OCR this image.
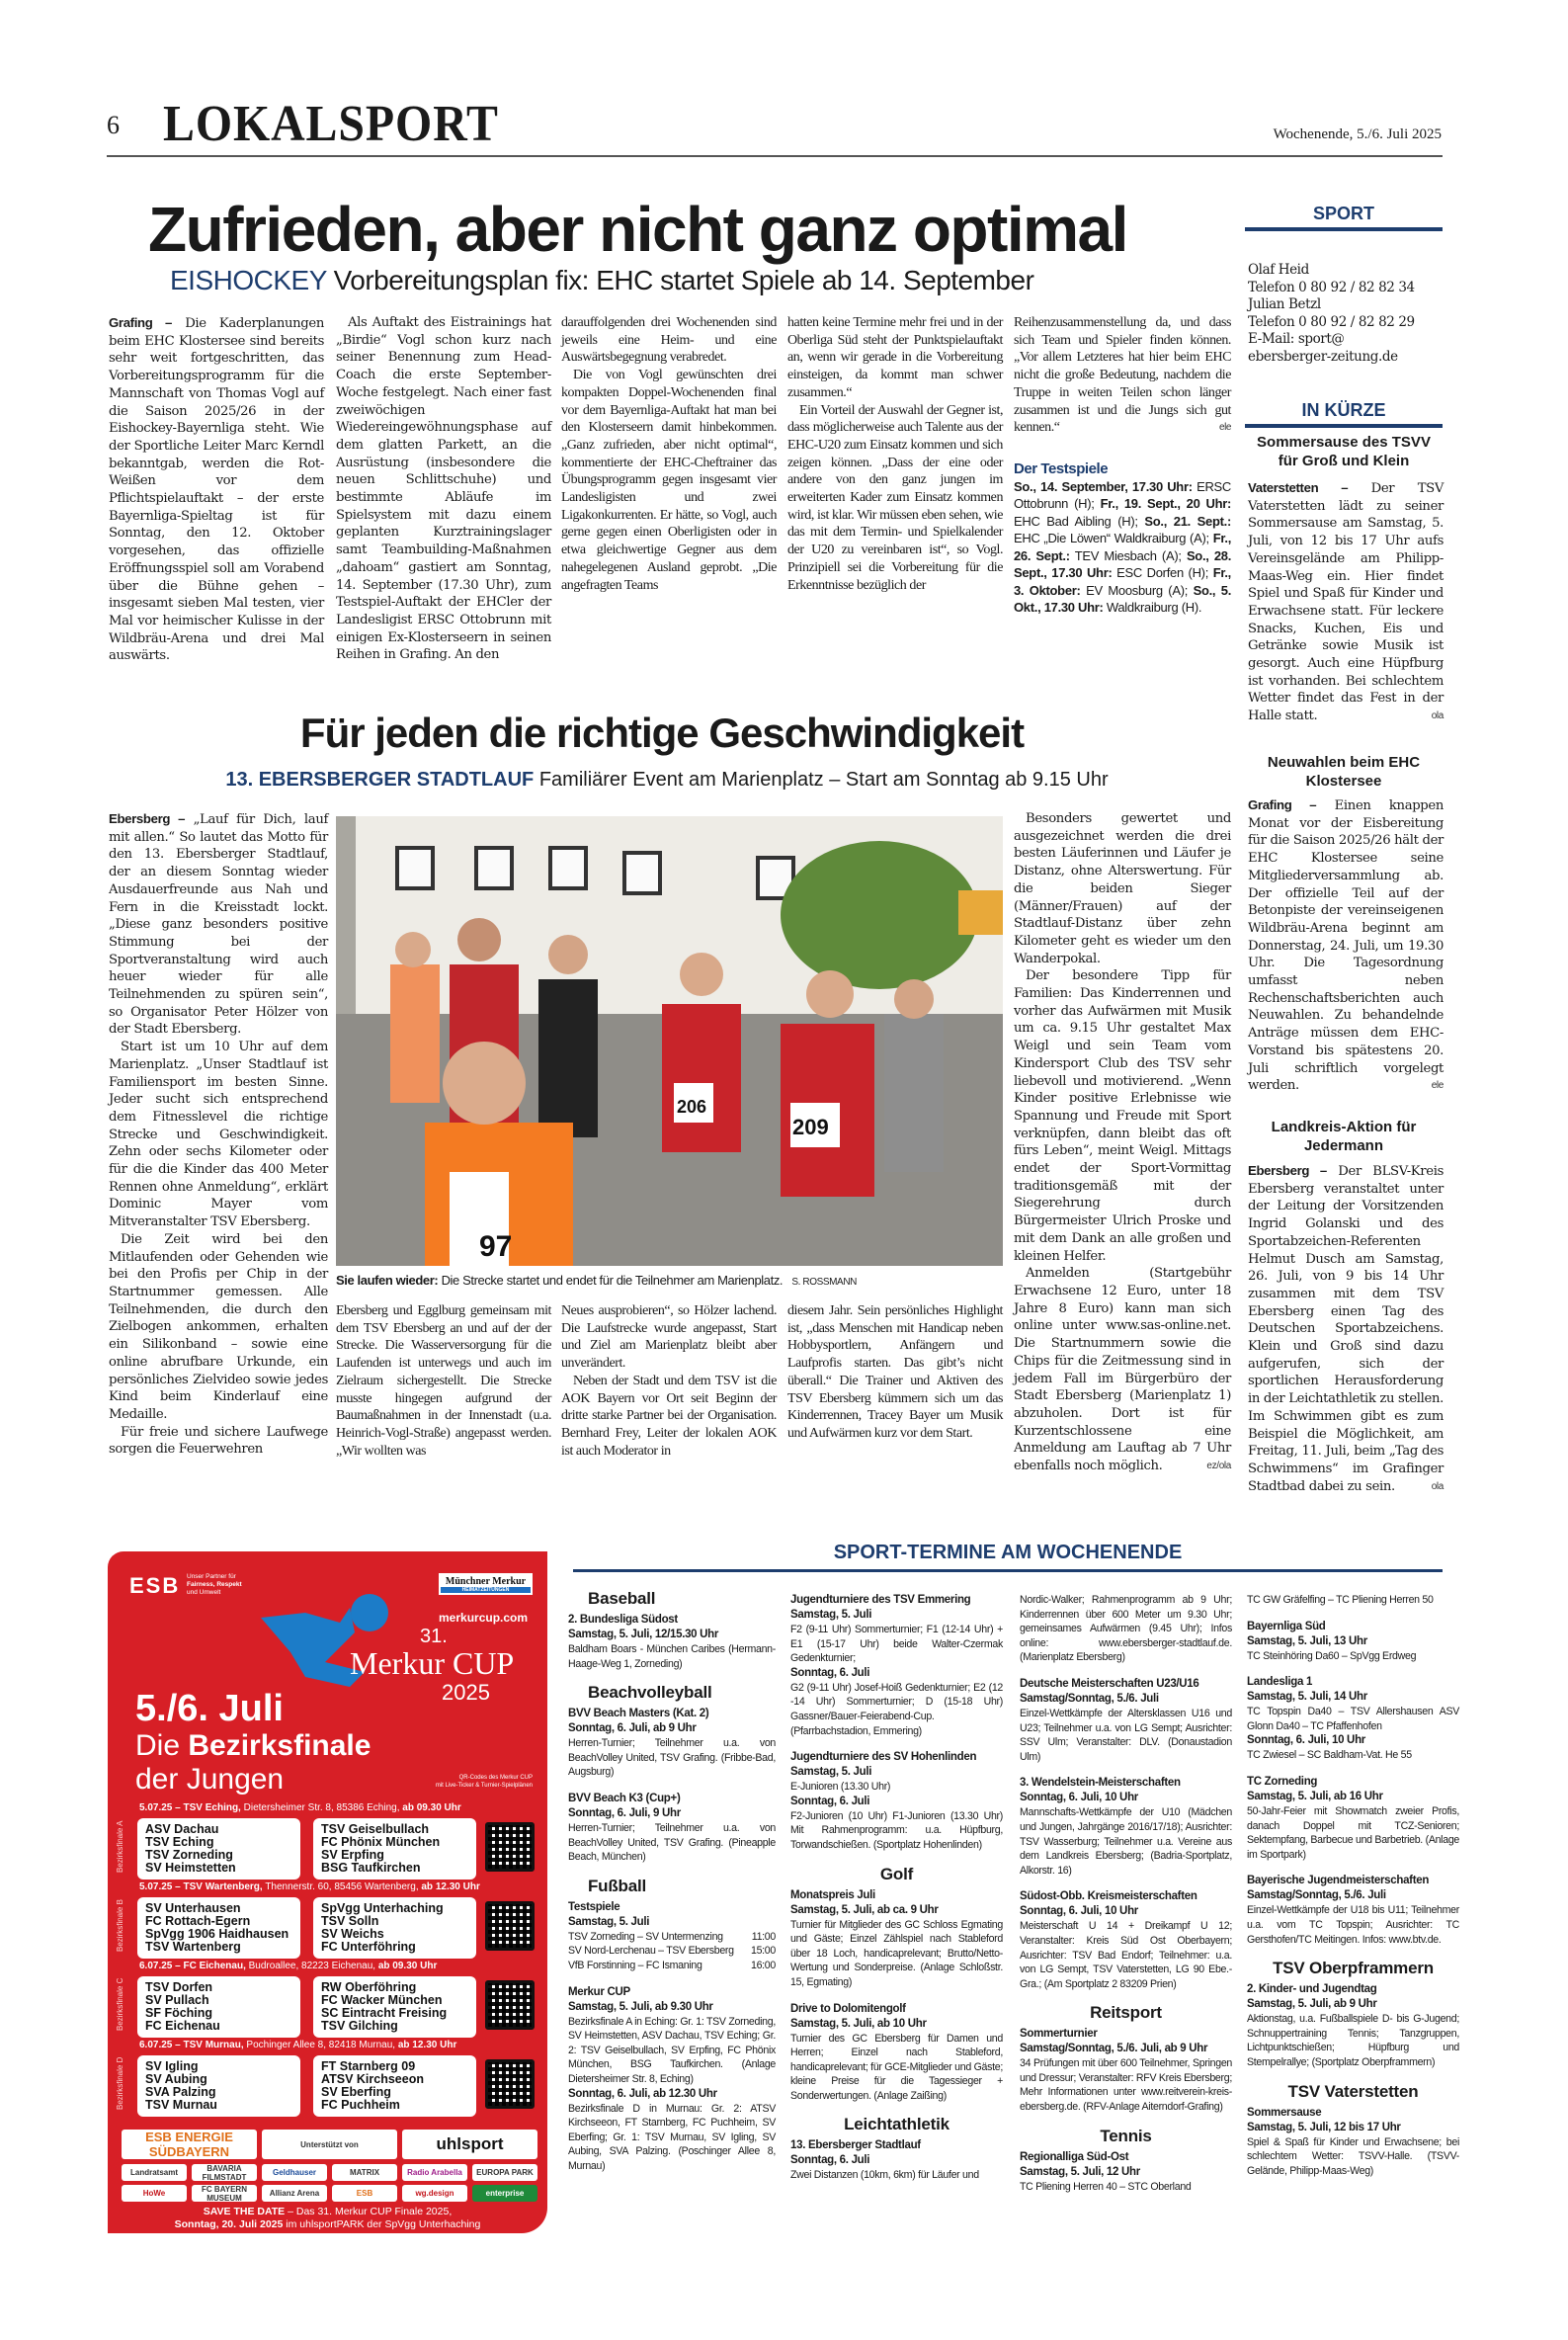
6 LOKALSPORT	Wochenende, 5./6. Juli 2025
Zufrieden, aber nicht ganz optimal
EISHOCKEY Vorbereitungsplan fix: EHC startet Spiele ab 14. September

Grafing – Die Kaderplanungen beim EHC Klostersee sind bereits sehr weit fortgeschritten, das Vorbereitungsprogramm für die Mannschaft von Thomas Vogl auf die Saison 2025/26 in der Eishockey-Bayernliga steht. Wie der Sportliche Leiter Marc Kerndl bekanntgab, werden die Rot-Weißen vor dem Pflichtspielauftakt – der erste Bayernliga-Spieltag ist für Sonntag, den 12. Oktober vorgesehen, das offizielle Eröffnungsspiel soll am Vorabend über die Bühne gehen – insgesamt sieben Mal testen, vier Mal vor heimischer Kulisse in der Wildbräu-Arena und drei Mal auswärts.

Als Auftakt des Eistrainings hat „Birdie“ Vogl schon kurz nach seiner Benennung zum Head-Coach die erste September-Woche festgelegt. Nach einer fast zweiwöchigen Wiedereingewöhnungsphase auf dem glatten Parkett, an die Ausrüstung (insbesondere die neuen Schlittschuhe) und bestimmte Abläufe im Spielsystem mit dazu einem geplanten Kurztrainingslager samt Teambuilding-Maßnahmen „dahoam“ gastiert am Sonntag, 14. September (17.30 Uhr), zum Testspiel-Auftakt der EHCler der Landesligist ERSC Ottobrunn mit einigen Ex-Klosterseern in seinen Reihen in Grafing. An den

darauffolgenden drei Wochenenden sind jeweils eine Heim- und eine Auswärtsbegegnung verabredet.

Die von Vogl gewünschten drei kompakten Doppel-Wochenenden final vor dem Bayernliga-Auftakt hat man bei den Klosterseern damit hinbekommen. „Ganz zufrieden, aber nicht optimal“, kommentierte der EHC-Cheftrainer das Übungsprogramm gegen insgesamt vier Landesligisten und zwei Ligakonkurrenten. Er hätte, so Vogl, auch gerne gegen einen Oberligisten oder in etwa gleichwertige Gegner aus dem nahegelegenen Ausland geprobt. „Die angefragten Teams

hatten keine Termine mehr frei und in der Oberliga Süd steht der Punktspielauftakt an, wenn wir gerade in die Vorbereitung einsteigen, da kommt man schwer zusammen.“

Ein Vorteil der Auswahl der Gegner ist, dass möglicherweise auch Talente aus der EHC-U20 zum Einsatz kommen und sich zeigen können. „Dass der eine oder andere von den ganz jungen im erweiterten Kader zum Einsatz kommen wird, ist klar. Wir müssen eben sehen, wie das mit dem Termin- und Spielkalender der U20 zu vereinbaren ist“, so Vogl. Prinzipiell sei die Vorbereitung für die Erkenntnisse bezüglich der

Reihenzusammenstellung da, und dass sich Team und Spieler finden können. „Vor allem Letzteres hat hier beim EHC nicht die große Bedeutung, nachdem die Truppe in weiten Teilen schon länger zusammen ist und die Jungs sich gut kennen.“	ele

Der Testspiele
So., 14. September, 17.30 Uhr: ERSC Ottobrunn (H); Fr., 19. Sept., 20 Uhr: EHC Bad Aibling (H); So., 21. Sept.: EHC „Die Löwen“ Waldkraiburg (A); Fr., 26. Sept.: TEV Miesbach (A); So., 28. Sept., 17.30 Uhr: ESC Dorfen (H); Fr., 3. Oktober: EV Moosburg (A); So., 5. Okt., 17.30 Uhr: Waldkraiburg (H).
SPORT
Olaf Heid
Telefon 0 80 92 / 82 82 34
Julian Betzl
Telefon 0 80 92 / 82 82 29
E-Mail: sport@
ebersberger-zeitung.de
IN KÜRZE
Sommersause des TSVV für Groß und Klein

Vaterstetten – Der TSV Vaterstetten lädt zu seiner Sommersause am Samstag, 5. Juli, von 12 bis 17 Uhr aufs Vereinsgelände am Philipp-Maas-Weg ein. Hier findet Spiel und Spaß für Kinder und Erwachsene statt. Für leckere Snacks, Kuchen, Eis und Getränke sowie Musik ist gesorgt. Auch eine Hüpfburg ist vorhanden. Bei schlechtem Wetter findet das Fest in der Halle statt.	ola

Neuwahlen beim EHC Klostersee

Grafing – Einen knappen Monat vor der Eisbereitung für die Saison 2025/26 hält der EHC Klostersee seine Mitgliederversammlung ab. Der offizielle Teil auf der Betonpiste der vereinseigenen Wildbräu-Arena beginnt am Donnerstag, 24. Juli, um 19.30 Uhr. Die Tagesordnung umfasst neben Rechenschaftsberichten auch Neuwahlen. Zu behandelnde Anträge müssen dem EHC-Vorstand bis spätestens 20. Juli schriftlich vorgelegt werden.	ele

Landkreis-Aktion für Jedermann

Ebersberg – Der BLSV-Kreis Ebersberg veranstaltet unter der Leitung der Vorsitzenden Ingrid Golanski und des Sportabzeichen-Referenten Helmut Dusch am Samstag, 26. Juli, von 9 bis 14 Uhr zusammen mit dem TSV Ebersberg einen Tag des Deutschen Sportabzeichens. Klein und Groß sind dazu aufgerufen, sich der sportlichen Herausforderung in der Leichtathletik zu stellen. Im Schwimmen gibt es zum Beispiel die Möglichkeit, am Freitag, 11. Juli, beim „Tag des Schwimmens“ im Grafinger Stadtbad dabei zu sein.	ola

Für jeden die richtige Geschwindigkeit
13. EBERSBERGER STADTLAUF Familiärer Event am Marienplatz – Start am Sonntag ab 9.15 Uhr

Ebersberg – „Lauf für Dich, lauf mit allen.“ So lautet das Motto für den 13. Ebersberger Stadtlauf, der an diesem Sonntag wieder Ausdauerfreunde aus Nah und Fern in die Kreisstadt lockt. „Diese ganz besonders positive Stimmung bei der Sportveranstaltung wird auch heuer wieder für alle Teilnehmenden zu spüren sein“, so Organisator Peter Hölzer von der Stadt Ebersberg.

Start ist um 10 Uhr auf dem Marienplatz. „Unser Stadtlauf ist Familiensport im besten Sinne. Jeder sucht sich entsprechend dem Fitnesslevel die richtige Strecke und Geschwindigkeit. Zehn oder sechs Kilometer oder für die die Kinder das 400 Meter Rennen ohne Anmeldung“, erklärt Dominic Mayer vom Mitveranstalter TSV Ebersberg.

Die Zeit wird bei den Mitlaufenden oder Gehenden wie bei den Profis per Chip in der Startnummer gemessen. Alle Teilnehmenden, die durch den Zielbogen ankommen, erhalten ein Silikonband – sowie eine online abrufbare Urkunde, ein persönliches Zielvideo sowie jedes Kind beim Kinderlauf eine Medaille.

Für freie und sichere Laufwege sorgen die Feuerwehren

97
206
209
Sie laufen wieder: Die Strecke startet und endet für die Teilnehmer am Marienplatz. S. ROSSMANN

Ebersberg und Egglburg gemeinsam mit dem TSV Ebersberg an und auf der der Strecke. Die Wasserversorgung für die Laufenden ist unterwegs und auch im Zielraum sichergestellt. Die Strecke musste hingegen aufgrund der Baumaßnahmen in der Innenstadt (u.a. Heinrich-Vogl-Straße) angepasst werden. „Wir wollten was

Neues ausprobieren“, so Hölzer lachend. Die Laufstrecke wurde angepasst, Start und Ziel am Marienplatz bleibt aber unverändert.

Neben der Stadt und dem TSV ist die AOK Bayern vor Ort seit Beginn der dritte starke Partner bei der Organisation. Bernhard Frey, Leiter der lokalen AOK ist auch Moderator in

diesem Jahr. Sein persönliches Highlight ist, „dass Menschen mit Handicap neben Hobbysportlern, Anfängern und Laufprofis starten. Das gibt’s nicht überall.“ Die Trainer und Aktiven des TSV Ebersberg kümmern sich um das Kinderrennen, Tracey Bayer um Musik und Aufwärmen kurz vor dem Start.

Besonders gewertet und ausgezeichnet werden die drei besten Läuferinnen und Läufer je Distanz, ohne Alterswertung. Für die beiden Sieger (Männer/Frauen) auf der Stadtlauf-Distanz über zehn Kilometer geht es wieder um den Wanderpokal.

Der besondere Tipp für Familien: Das Kinderrennen und vorher das Aufwärmen mit Musik um ca. 9.15 Uhr gestaltet Max Weigl und sein Team vom Kindersport Club des TSV sehr liebevoll und motivierend. „Wenn Kinder positive Erlebnisse wie Spannung und Freude mit Sport verknüpfen, dann bleibt das oft fürs Leben“, meint Weigl. Mittags endet der Sport-Vormittag traditionsgemäß mit der Siegerehrung durch Bürgermeister Ulrich Proske und mit dem Dank an alle großen und kleinen Helfer.

Anmelden (Startgebühr Erwachsene 12 Euro, unter 18 Jahre 8 Euro) kann man sich online unter www.sas-online.net. Die Startnummern sowie die Chips für die Zeitmessung sind in jedem Fall im Bürgerbüro der Stadt Ebersberg (Marienplatz 1) abzuholen. Dort ist für Kurzentschlossene eine Anmeldung am Lauftag ab 7 Uhr ebenfalls noch möglich.	ez/ola

ESB Unser Partner für
Fairness, Respekt
und Umwelt
Münchner Merkur
HEIMATZEITUNGEN
merkurcup.com
31.
Merkur CUP
2025
5./6. Juli
Die Bezirksfinale
der Jungen	QR-Codes des Merkur CUP
mit Live-Ticker & Turnier-Spielplänen
5.07.25 – TSV Eching, Dietersheimer Str. 8, 85386 Eching, ab 09.30 Uhr
Bezirksfinale A ASV Dachau
TSV Eching
TSV Zorneding
SV Heimstetten
TSV Geiselbullach
FC Phönix München
SV Erpfing
BSG Taufkirchen
5.07.25 – TSV Wartenberg, Thennerstr. 60, 85456 Wartenberg, ab 12.30 Uhr
Bezirksfinale B SV Unterhausen
FC Rottach-Egern
SpVgg 1906 Haidhausen
TSV Wartenberg
SpVgg Unterhaching
TSV Solln
SV Weichs
FC Unterföhring
6.07.25 – FC Eichenau, Budroallee, 82223 Eichenau, ab 09.30 Uhr
Bezirksfinale C TSV Dorfen
SV Pullach
SF Föching
FC Eichenau
RW Oberföhring
FC Wacker München
SC Eintracht Freising
TSV Gilching
6.07.25 – TSV Murnau, Pochinger Allee 8, 82418 Murnau, ab 12.30 Uhr
Bezirksfinale D SV Igling
SV Aubing
SVA Palzing
TSV Murnau
FT Starnberg 09
ATSV Kirchseeon
SV Eberfing
FC Puchheim
ESB ENERGIE SÜDBAYERN	Unterstützt von	uhlsport
Landratsamt	BAVARIA FILMSTADT	Geldhauser	MATRIX	Radio Arabella	EUROPA PARK
HoWe	FC BAYERN MUSEUM	Allianz Arena	ESB	wg.design	enterprise
SAVE THE DATE – Das 31. Merkur CUP Finale 2025,
Sonntag, 20. Juli 2025 im uhlsportPARK der SpVgg Unterhaching
SPORT-TERMINE AM WOCHENENDE
Baseball
2. Bundesliga Südost
Samstag, 5. Juli, 12/15.30 Uhr
Baldham Boars - München Caribes (Hermann-Haage-Weg 1, Zorneding)
Beachvolleyball
BVV Beach Masters (Kat. 2)
Sonntag, 6. Juli, ab 9 Uhr
Herren-Turnier; Teilnehmer u.a. von BeachVolley United, TSV Grafing. (Fribbe-Bad, Augsburg)
BVV Beach K3 (Cup+)
Sonntag, 6. Juli, 9 Uhr
Herren-Turnier; Teilnehmer u.a. von BeachVolley United, TSV Grafing. (Pineapple Beach, München)
Fußball
Testspiele
Samstag, 5. Juli
TSV Zorneding – SV Untermenzing	11:00
SV Nord-Lerchenau – TSV Ebersberg 15:00
VfB Forstinning – FC Ismaning	16:00
Merkur CUP
Samstag, 5. Juli, ab 9.30 Uhr
Bezirksfinale A in Eching: Gr. 1: TSV Zorneding, SV Heimstetten, ASV Dachau, TSV Eching; Gr. 2: TSV Geiselbullach, SV Erpfing, FC Phönix München, BSG Taufkirchen. (Anlage Dietersheimer Str. 8, Eching)
Sonntag, 6. Juli, ab 12.30 Uhr
Bezirksfinale D in Murnau: Gr. 2: ATSV Kirchseeon, FT Starnberg, FC Puchheim, SV Eberfing; Gr. 1: TSV Murnau, SV Igling, SV Aubing, SVA Palzing. (Poschinger Allee 8, Murnau)
Jugendturniere des TSV Emmering
Samstag, 5. Juli
F2 (9-11 Uhr) Sommerturnier; F1 (12-14 Uhr) + E1 (15-17 Uhr) beide Walter-Czermak Gedenkturnier;
Sonntag, 6. Juli
G2 (9-11 Uhr) Josef-Hoiß Gedenkturnier; E2 (12 -14 Uhr) Sommerturnier; D (15-18 Uhr) Gassner/Bauer-Feierabend-Cup. (Pfarrbachstadion, Emmering)
Jugendturniere des SV Hohenlinden
Samstag, 5. Juli
E-Junioren (13.30 Uhr)
Sonntag, 6. Juli
F2-Junioren (10 Uhr) F1-Junioren (13.30 Uhr) Mit Rahmenprogramm: u.a. Hüpfburg, Torwandschießen. (Sportplatz Hohenlinden)
Golf
Monatspreis Juli
Samstag, 5. Juli, ab ca. 9 Uhr
Turnier für Mitglieder des GC Schloss Egmating und Gäste; Einzel Zählspiel nach Stableford über 18 Loch, handicaprelevant; Brutto/Netto-Wertung und Sonderpreise. (Anlage Schloßstr. 15, Egmating)
Drive to Dolomitengolf
Samstag, 5. Juli, ab 10 Uhr
Turnier des GC Ebersberg für Damen und Herren; Einzel nach Stableford, handicaprelevant; für GCE-Mitglieder und Gäste; kleine Preise für die Tagessieger + Sonderwertungen. (Anlage Zaißing)
Leichtathletik
13. Ebersberger Stadtlauf
Sonntag, 6. Juli
Zwei Distanzen (10km, 6km) für Läufer und
Nordic-Walker; Rahmenprogramm ab 9 Uhr; Kinderrennen über 600 Meter um 9.30 Uhr; gemeinsames Aufwärmen (9.45 Uhr); Infos online: www.ebersberger-stadtlauf.de. (Marienplatz Ebersberg)
Deutsche Meisterschaften U23/U16
Samstag/Sonntag, 5./6. Juli
Einzel-Wettkämpfe der Altersklassen U16 und U23; Teilnehmer u.a. von LG Sempt; Ausrichter: SSV Ulm; Veranstalter: DLV. (Donaustadion Ulm)
3. Wendelstein-Meisterschaften
Sonntag, 6. Juli, 10 Uhr
Mannschafts-Wettkämpfe der U10 (Mädchen und Jungen, Jahrgänge 2016/17/18); Ausrichter: TSV Wasserburg; Teilnehmer u.a. Vereine aus dem Landkreis Ebersberg; (Badria-Sportplatz, Alkorstr. 16)
Südost-Obb. Kreismeisterschaften
Sonntag, 6. Juli, 10 Uhr
Meisterschaft U 14 + Dreikampf U 12; Veranstalter: Kreis Süd Ost Oberbayern; Ausrichter: TSV Bad Endorf; Teilnehmer: u.a. von LG Sempt, TSV Vaterstetten, LG 90 Ebe.-Gra.; (Am Sportplatz 2 83209 Prien)
Reitsport
Sommerturnier
Samstag/Sonntag, 5./6. Juli, ab 9 Uhr
34 Prüfungen mit über 600 Teilnehmer, Springen und Dressur; Veranstalter: RFV Kreis Ebersberg; Mehr Informationen unter www.reitverein-kreis-ebersberg.de. (RFV-Anlage Aiterndorf-Grafing)
Tennis
Regionalliga Süd-Ost
Samstag, 5. Juli, 12 Uhr
TC Pliening Herren 40 – STC Oberland
TC GW Gräfelfing – TC Pliening Herren 50
Bayernliga Süd
Samstag, 5. Juli, 13 Uhr
TC Steinhöring Da60 – SpVgg Erdweg
Landesliga 1
Samstag, 5. Juli, 14 Uhr
TC Topspin Da40 – TSV Allershausen ASV Glonn Da40 – TC Pfaffenhofen
Sonntag, 6. Juli, 10 Uhr
TC Zwiesel – SC Baldham-Vat. He 55
TC Zorneding
Samstag, 5. Juli, ab 16 Uhr
50-Jahr-Feier mit Showmatch zweier Profis, danach Doppel mit TCZ-Senioren; Sektempfang, Barbecue und Barbetrieb. (Anlage im Sportpark)
Bayerische Jugendmeisterschaften
Samstag/Sonntag, 5./6. Juli
Einzel-Wettkämpfe der U18 bis U11; Teilnehmer u.a. vom TC Topspin; Ausrichter: TC Gersthofen/TC Meitingen. Infos: www.btv.de.
TSV Oberpframmern
2. Kinder- und Jugendtag
Samstag, 5. Juli, ab 9 Uhr
Aktionstag, u.a. Fußballspiele D- bis G-Jugend; Schnuppertraining Tennis; Tanzgruppen, Lichtpunktschießen; Hüpfburg und Stempelrallye; (Sportplatz Oberpframmern)
TSV Vaterstetten
Sommersause
Samstag, 5. Juli, 12 bis 17 Uhr
Spiel & Spaß für Kinder und Erwachsene; bei schlechtem Wetter: TSVV-Halle. (TSVV-Gelände, Philipp-Maas-Weg)
